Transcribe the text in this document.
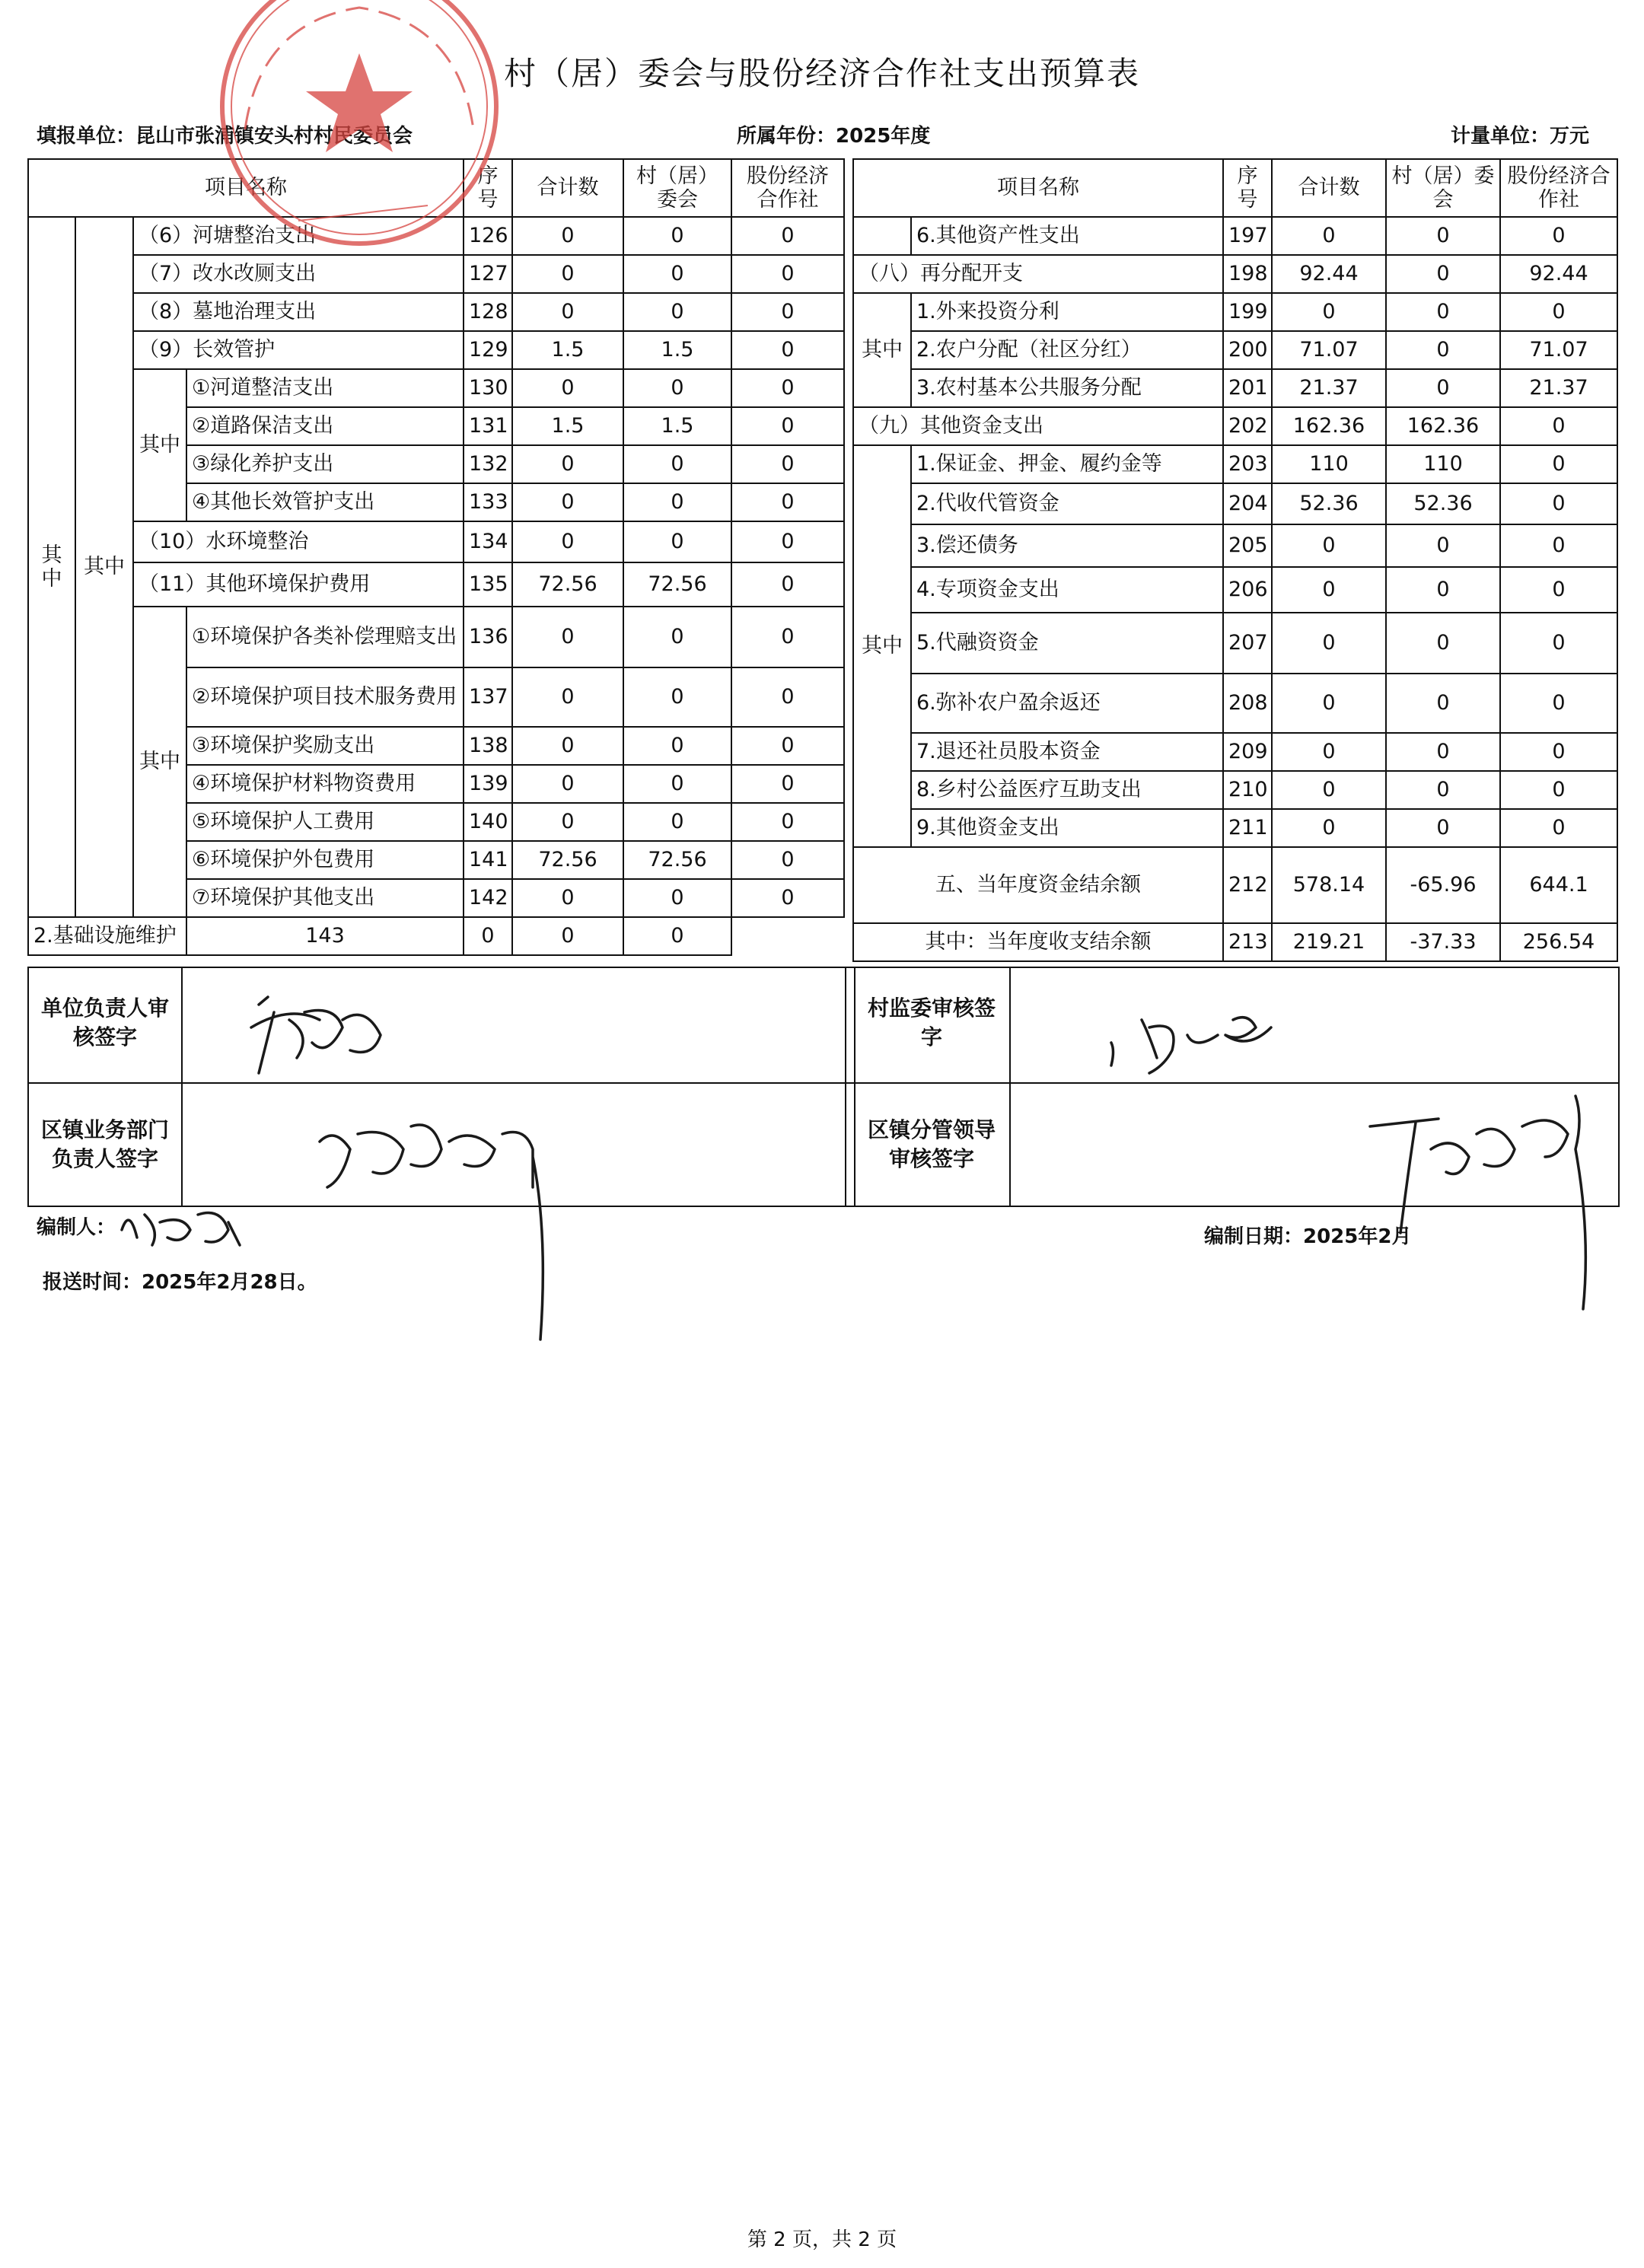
村（居）委会与股份经济合作社支出预算表
填报单位：昆山市张浦镇安头村村民委员会	所属年份：2025年度	计量单位：万元
项目名称				序号	合计数	村（居）委会	股份经济合作社
其中	其中	（6）河塘整治支出		126	0	0	0
		（7）改水改厕支出		127	0	0	0
		（8）墓地治理支出		128	0	0	0
		（9）长效管护		129	1.5	1.5	0
		其中	①河道整洁支出	130	0	0	0
			②道路保洁支出	131	1.5	1.5	0
			③绿化养护支出	132	0	0	0
			④其他长效管护支出	133	0	0	0
		（10）水环境整治		134	0	0	0
		（11）其他环境保护费用		135	72.56	72.56	0
		其中	①环境保护各类补偿理赔支出	136	0	0	0
			②环境保护项目技术服务费用	137	0	0	0
			③环境保护奖励支出	138	0	0	0
			④环境保护材料物资费用	139	0	0	0
			⑤环境保护人工费用	140	0	0	0
			⑥环境保护外包费用	141	72.56	72.56	0
			⑦环境保护其他支出	142	0	0	0
2.基础设施维护			143	0	0	0	
项目名称		序号	合计数	村（居）委会	股份经济合作社
	6.其他资产性支出	197	0	0	0
（八）再分配开支		198	92.44	0	92.44
其中	1.外来投资分利	199	0	0	0
	2.农户分配（社区分红）	200	71.07	0	71.07
	3.农村基本公共服务分配	201	21.37	0	21.37
（九）其他资金支出		202	162.36	162.36	0
其中	1.保证金、押金、履约金等	203	110	110	0
	2.代收代管资金	204	52.36	52.36	0
	3.偿还债务	205	0	0	0
	4.专项资金支出	206	0	0	0
	5.代融资资金	207	0	0	0
	6.弥补农户盈余返还	208	0	0	0
	7.退还社员股本资金	209	0	0	0
	8.乡村公益医疗互助支出	210	0	0	0
	9.其他资金支出	211	0	0	0
五、当年度资金结余额		212	578.14	-65.96	644.1
其中：当年度收支结余额		213	219.21	-37.33	256.54
单位负责人审核签字
村监委审核签字
区镇业务部门负责人签字
区镇分管领导审核签字
编制人：	编制日期：2025年2月
报送时间：2025年2月28日。
第 2 页，共 2 页
